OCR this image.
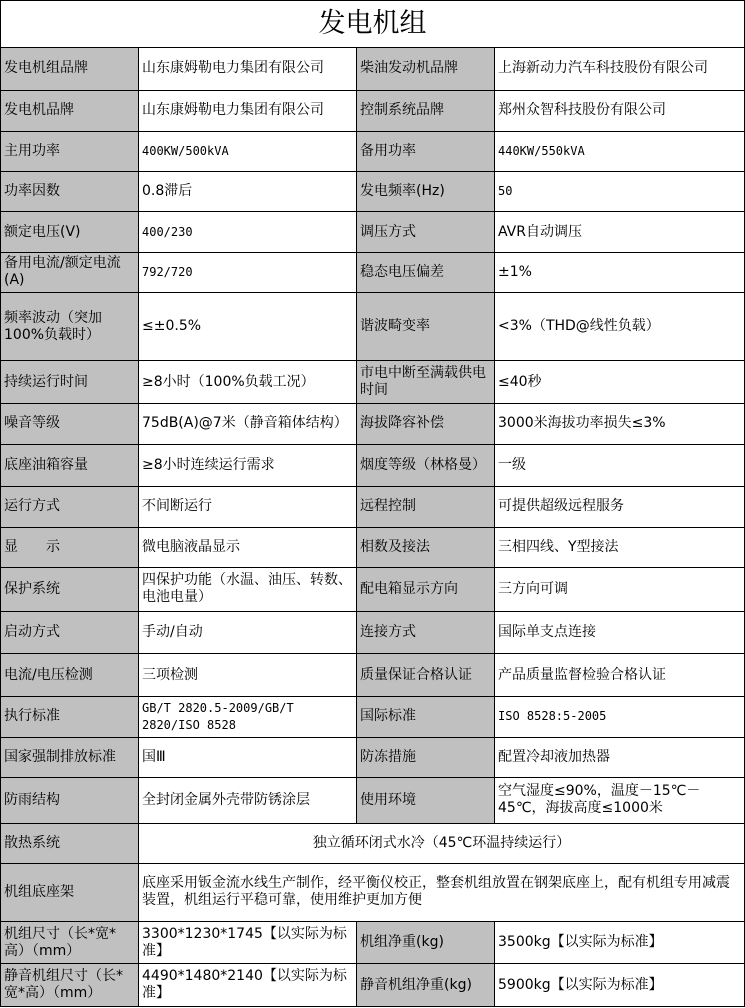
发电机组			
发电机组品牌	山东康姆勒电力集团有限公司	柴油发动机品牌	上海新动力汽车科技股份有限公司
发电机品牌	山东康姆勒电力集团有限公司	控制系统品牌	郑州众智科技股份有限公司
主用功率	400KW/500kVA	备用功率	440KW/550kVA
功率因数	0.8滞后	发电频率(Hz)	50
额定电压(V)	400/230	调压方式	AVR自动调压
备用电流/额定电流(A)	792/720	稳态电压偏差	±1%
频率波动（突加100%负载时）	≤±0.5%	谐波畸变率	<3%（THD@线性负载）
持续运行时间	≥8小时（100%负载工况）	市电中断至满载供电时间	≤40秒
噪音等级	75dB(A)@7米（静音箱体结构）	海拔降容补偿	3000米海拔功率损失≤3%
底座油箱容量	≥8小时连续运行需求	烟度等级（林格曼）	一级
运行方式	不间断运行	远程控制	可提供超级远程服务
显　　示	微电脑液晶显示	相数及接法	三相四线、Y型接法
保护系统	四保护功能（水温、油压、转数、电池电量）	配电箱显示方向	三方向可调
启动方式	手动/自动	连接方式	国际单支点连接
电流/电压检测	三项检测	质量保证合格认证	产品质量监督检验合格认证
执行标准	GB/T 2820.5-2009/GB/T 2820/ISO 8528	国际标准	ISO 8528:5-2005
国家强制排放标准	国Ⅲ	防冻措施	配置冷却液加热器
防雨结构	全封闭金属外壳带防锈涂层	使用环境	空气湿度≤90%，温度－15℃－45℃，海拔高度≤1000米
散热系统	独立循环闭式水冷（45℃环温持续运行）		
机组底座架	底座采用钣金流水线生产制作，经平衡仪校正，整套机组放置在钢架底座上，配有机组专用减震装置，机组运行平稳可靠，使用维护更加方便		
机组尺寸（长*宽*高）（mm）	3300*1230*1745【以实际为标准】	机组净重(kg)	3500kg【以实际为标准】
静音机组尺寸（长*宽*高）（mm）	4490*1480*2140【以实际为标准】	静音机组净重(kg)	5900kg【以实际为标准】
